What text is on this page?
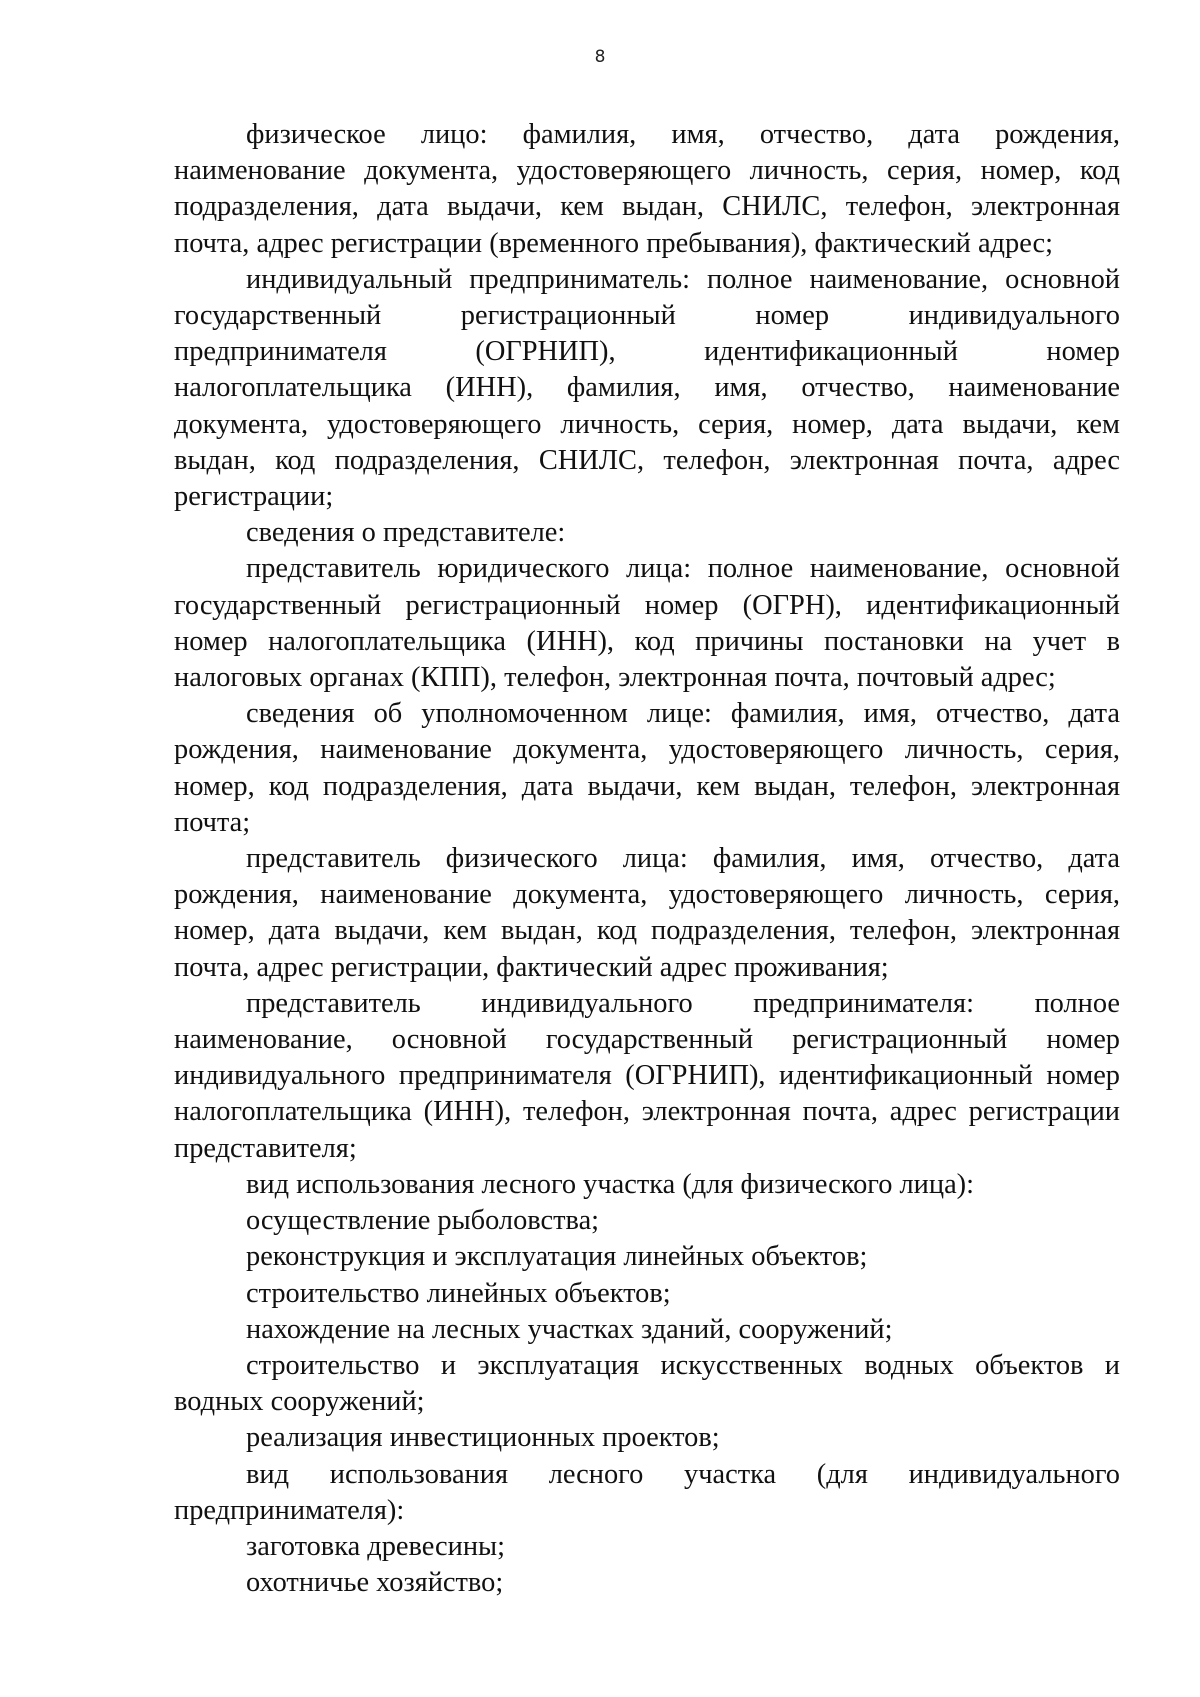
8

физическое лицо: фамилия, имя, отчество, дата рождения, наименование документа, удостоверяющего личность, серия, номер, код подразделения, дата выдачи, кем выдан, СНИЛС, телефон, электронная почта, адрес регистрации (временного пребывания), фактический адрес;

индивидуальный предприниматель: полное наименование, основной государственный регистрационный номер индивидуального предпринимателя (ОГРНИП), идентификационный номер налогоплательщика (ИНН), фамилия, имя, отчество, наименование документа, удостоверяющего личность, серия, номер, дата выдачи, кем выдан, код подразделения, СНИЛС, телефон, электронная почта, адрес регистрации;

сведения о представителе:

представитель юридического лица: полное наименование, основной государственный регистрационный номер (ОГРН), идентификационный номер налогоплательщика (ИНН), код причины постановки на учет в налоговых органах (КПП), телефон, электронная почта, почтовый адрес;

сведения об уполномоченном лице: фамилия, имя, отчество, дата рождения, наименование документа, удостоверяющего личность, серия, номер, код подразделения, дата выдачи, кем выдан, телефон, электронная почта;

представитель физического лица: фамилия, имя, отчество, дата рождения, наименование документа, удостоверяющего личность, серия, номер, дата выдачи, кем выдан, код подразделения, телефон, электронная почта, адрес регистрации, фактический адрес проживания;

представитель индивидуального предпринимателя: полное наименование, основной государственный регистрационный номер индивидуального предпринимателя (ОГРНИП), идентификационный номер налогоплательщика (ИНН), телефон, электронная почта, адрес регистрации представителя;

вид использования лесного участка (для физического лица):

осуществление рыболовства;

реконструкция и эксплуатация линейных объектов;

строительство линейных объектов;

нахождение на лесных участках зданий, сооружений;

строительство и эксплуатация искусственных водных объектов и водных сооружений;

реализация инвестиционных проектов;

вид использования лесного участка (для индивидуального предпринимателя):

заготовка древесины;

охотничье хозяйство;
